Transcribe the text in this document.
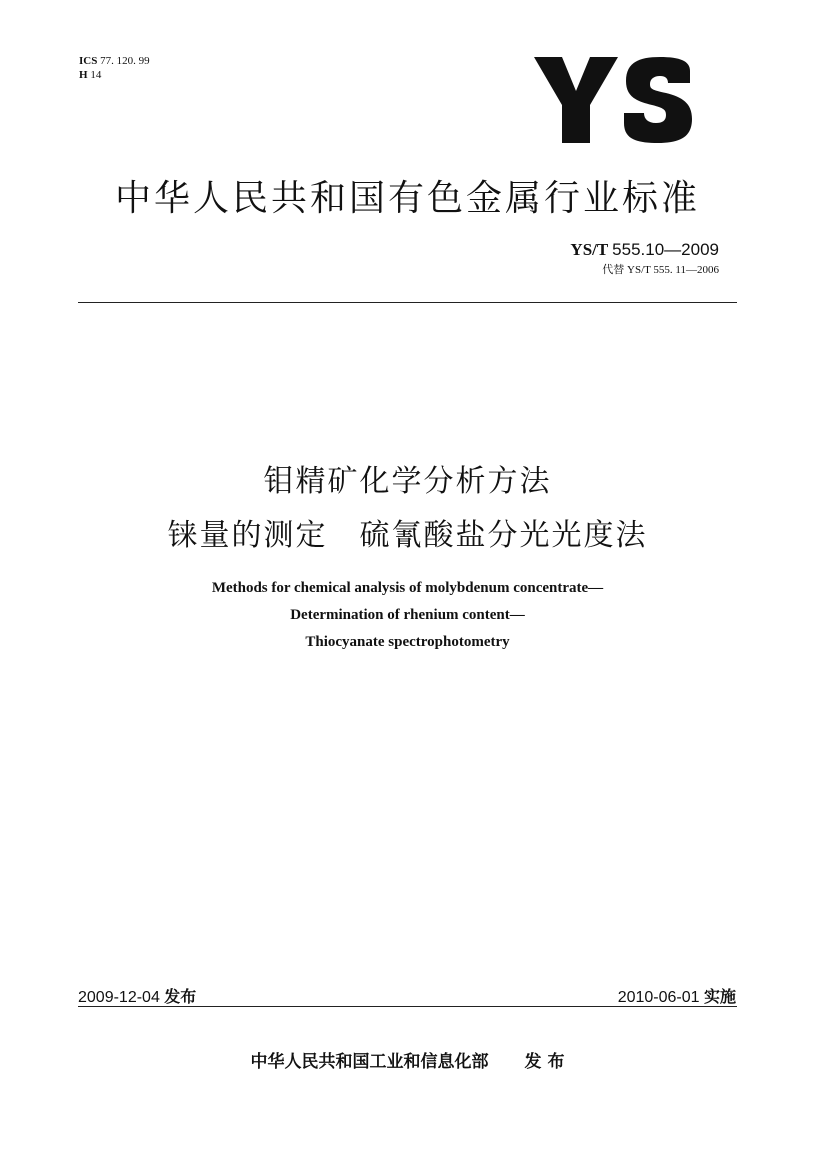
ICS 77. 120. 99
H 14
YS
中华人民共和国有色金属行业标准
YS/T 555.10—2009
代替 YS/T 555. 11—2006
钼精矿化学分析方法
铼量的测定　硫氰酸盐分光光度法
Methods for chemical analysis of molybdenum concentrate—
Determination of rhenium content—
Thiocyanate spectrophotometry
2009-12-04 发布	2010-06-01 实施
中华人民共和国工业和信息化部 发 布
